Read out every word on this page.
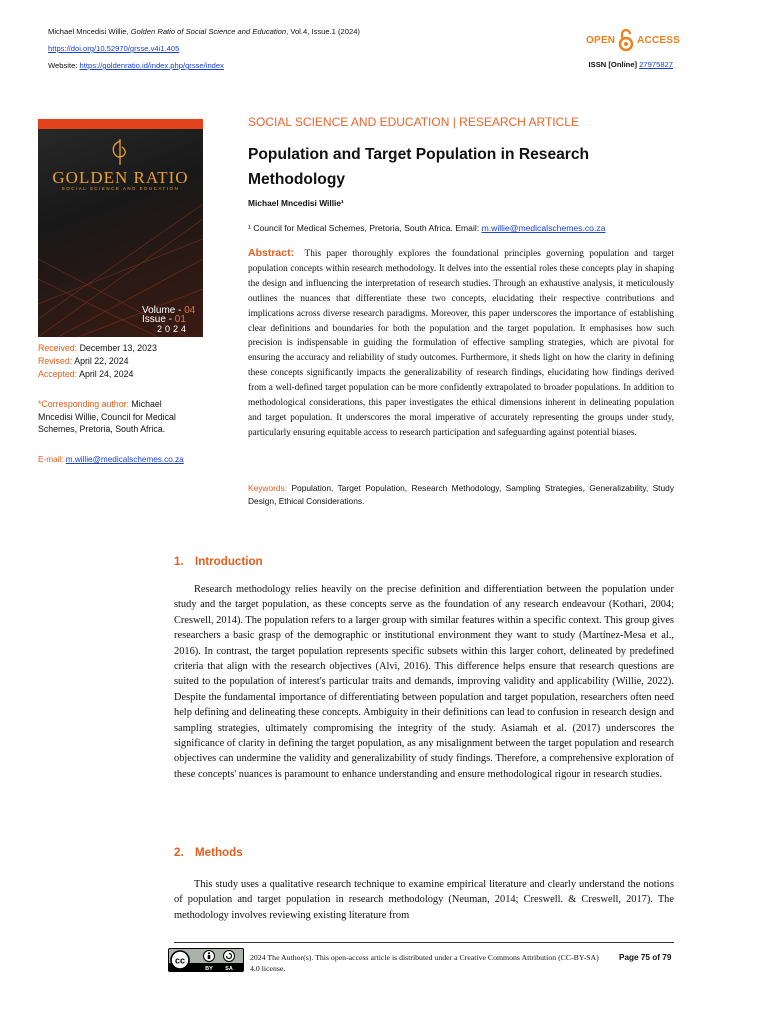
Michael Mncedisi Willie, Golden Ratio of Social Science and Education, Vol.4, Issue.1 (2024)
https://doi.org/10.52970/grsse.v4i1.405
Website: https://goldenratio.id/index.php/grsse/index
OPEN ACCESS
ISSN [Online] 27975827
GOLDEN RATIO
SOCIAL SCIENCE AND EDUCATION
Volume - 04
Issue - 01
2024
Received: December 13, 2023
Revised: April 22, 2024
Accepted: April 24, 2024
*Corresponding author: Michael Mncedisi Willie, Council for Medical Schemes, Pretoria, South Africa.
E-mail: m.willie@medicalschemes.co.za
SOCIAL SCIENCE AND EDUCATION | RESEARCH ARTICLE
Population and Target Population in Research Methodology
Michael Mncedisi Willie¹
¹ Council for Medical Schemes, Pretoria, South Africa. Email: m.willie@medicalschemes.co.za
Abstract: This paper thoroughly explores the foundational principles governing population and target population concepts within research methodology. It delves into the essential roles these concepts play in shaping the design and influencing the interpretation of research studies. Through an exhaustive analysis, it meticulously outlines the nuances that differentiate these two concepts, elucidating their respective contributions and implications across diverse research paradigms. Moreover, this paper underscores the importance of establishing clear definitions and boundaries for both the population and the target population. It emphasises how such precision is indispensable in guiding the formulation of effective sampling strategies, which are pivotal for ensuring the accuracy and reliability of study outcomes. Furthermore, it sheds light on how the clarity in defining these concepts significantly impacts the generalizability of research findings, elucidating how findings derived from a well-defined target population can be more confidently extrapolated to broader populations. In addition to methodological considerations, this paper investigates the ethical dimensions inherent in delineating population and target population. It underscores the moral imperative of accurately representing the groups under study, particularly ensuring equitable access to research participation and safeguarding against potential biases.
Keywords: Population, Target Population, Research Methodology, Sampling Strategies, Generalizability, Study Design, Ethical Considerations.
1. Introduction

Research methodology relies heavily on the precise definition and differentiation between the population under study and the target population, as these concepts serve as the foundation of any research endeavour (Kothari, 2004; Creswell, 2014). The population refers to a larger group with similar features within a specific context. This group gives researchers a basic grasp of the demographic or institutional environment they want to study (Martínez-Mesa et al., 2016). In contrast, the target population represents specific subsets within this larger cohort, delineated by predefined criteria that align with the research objectives (Alvi, 2016). This difference helps ensure that research questions are suited to the population of interest's particular traits and demands, improving validity and applicability (Willie, 2022). Despite the fundamental importance of differentiating between population and target population, researchers often need help defining and delineating these concepts. Ambiguity in their definitions can lead to confusion in research design and sampling strategies, ultimately compromising the integrity of the study. Asiamah et al. (2017) underscores the significance of clarity in defining the target population, as any misalignment between the target population and research objectives can undermine the validity and generalizability of study findings. Therefore, a comprehensive exploration of these concepts' nuances is paramount to enhance understanding and ensure methodological rigour in research studies.

2. Methods

This study uses a qualitative research technique to examine empirical literature and clearly understand the notions of population and target population in research methodology (Neuman, 2014; Creswell. & Creswell, 2017). The methodology involves reviewing existing literature from

cc
BY SA
2024 The Author(s). This open-access article is distributed under a Creative Commons Attribution (CC-BY-SA) 4.0 license.
Page 75 of 79
